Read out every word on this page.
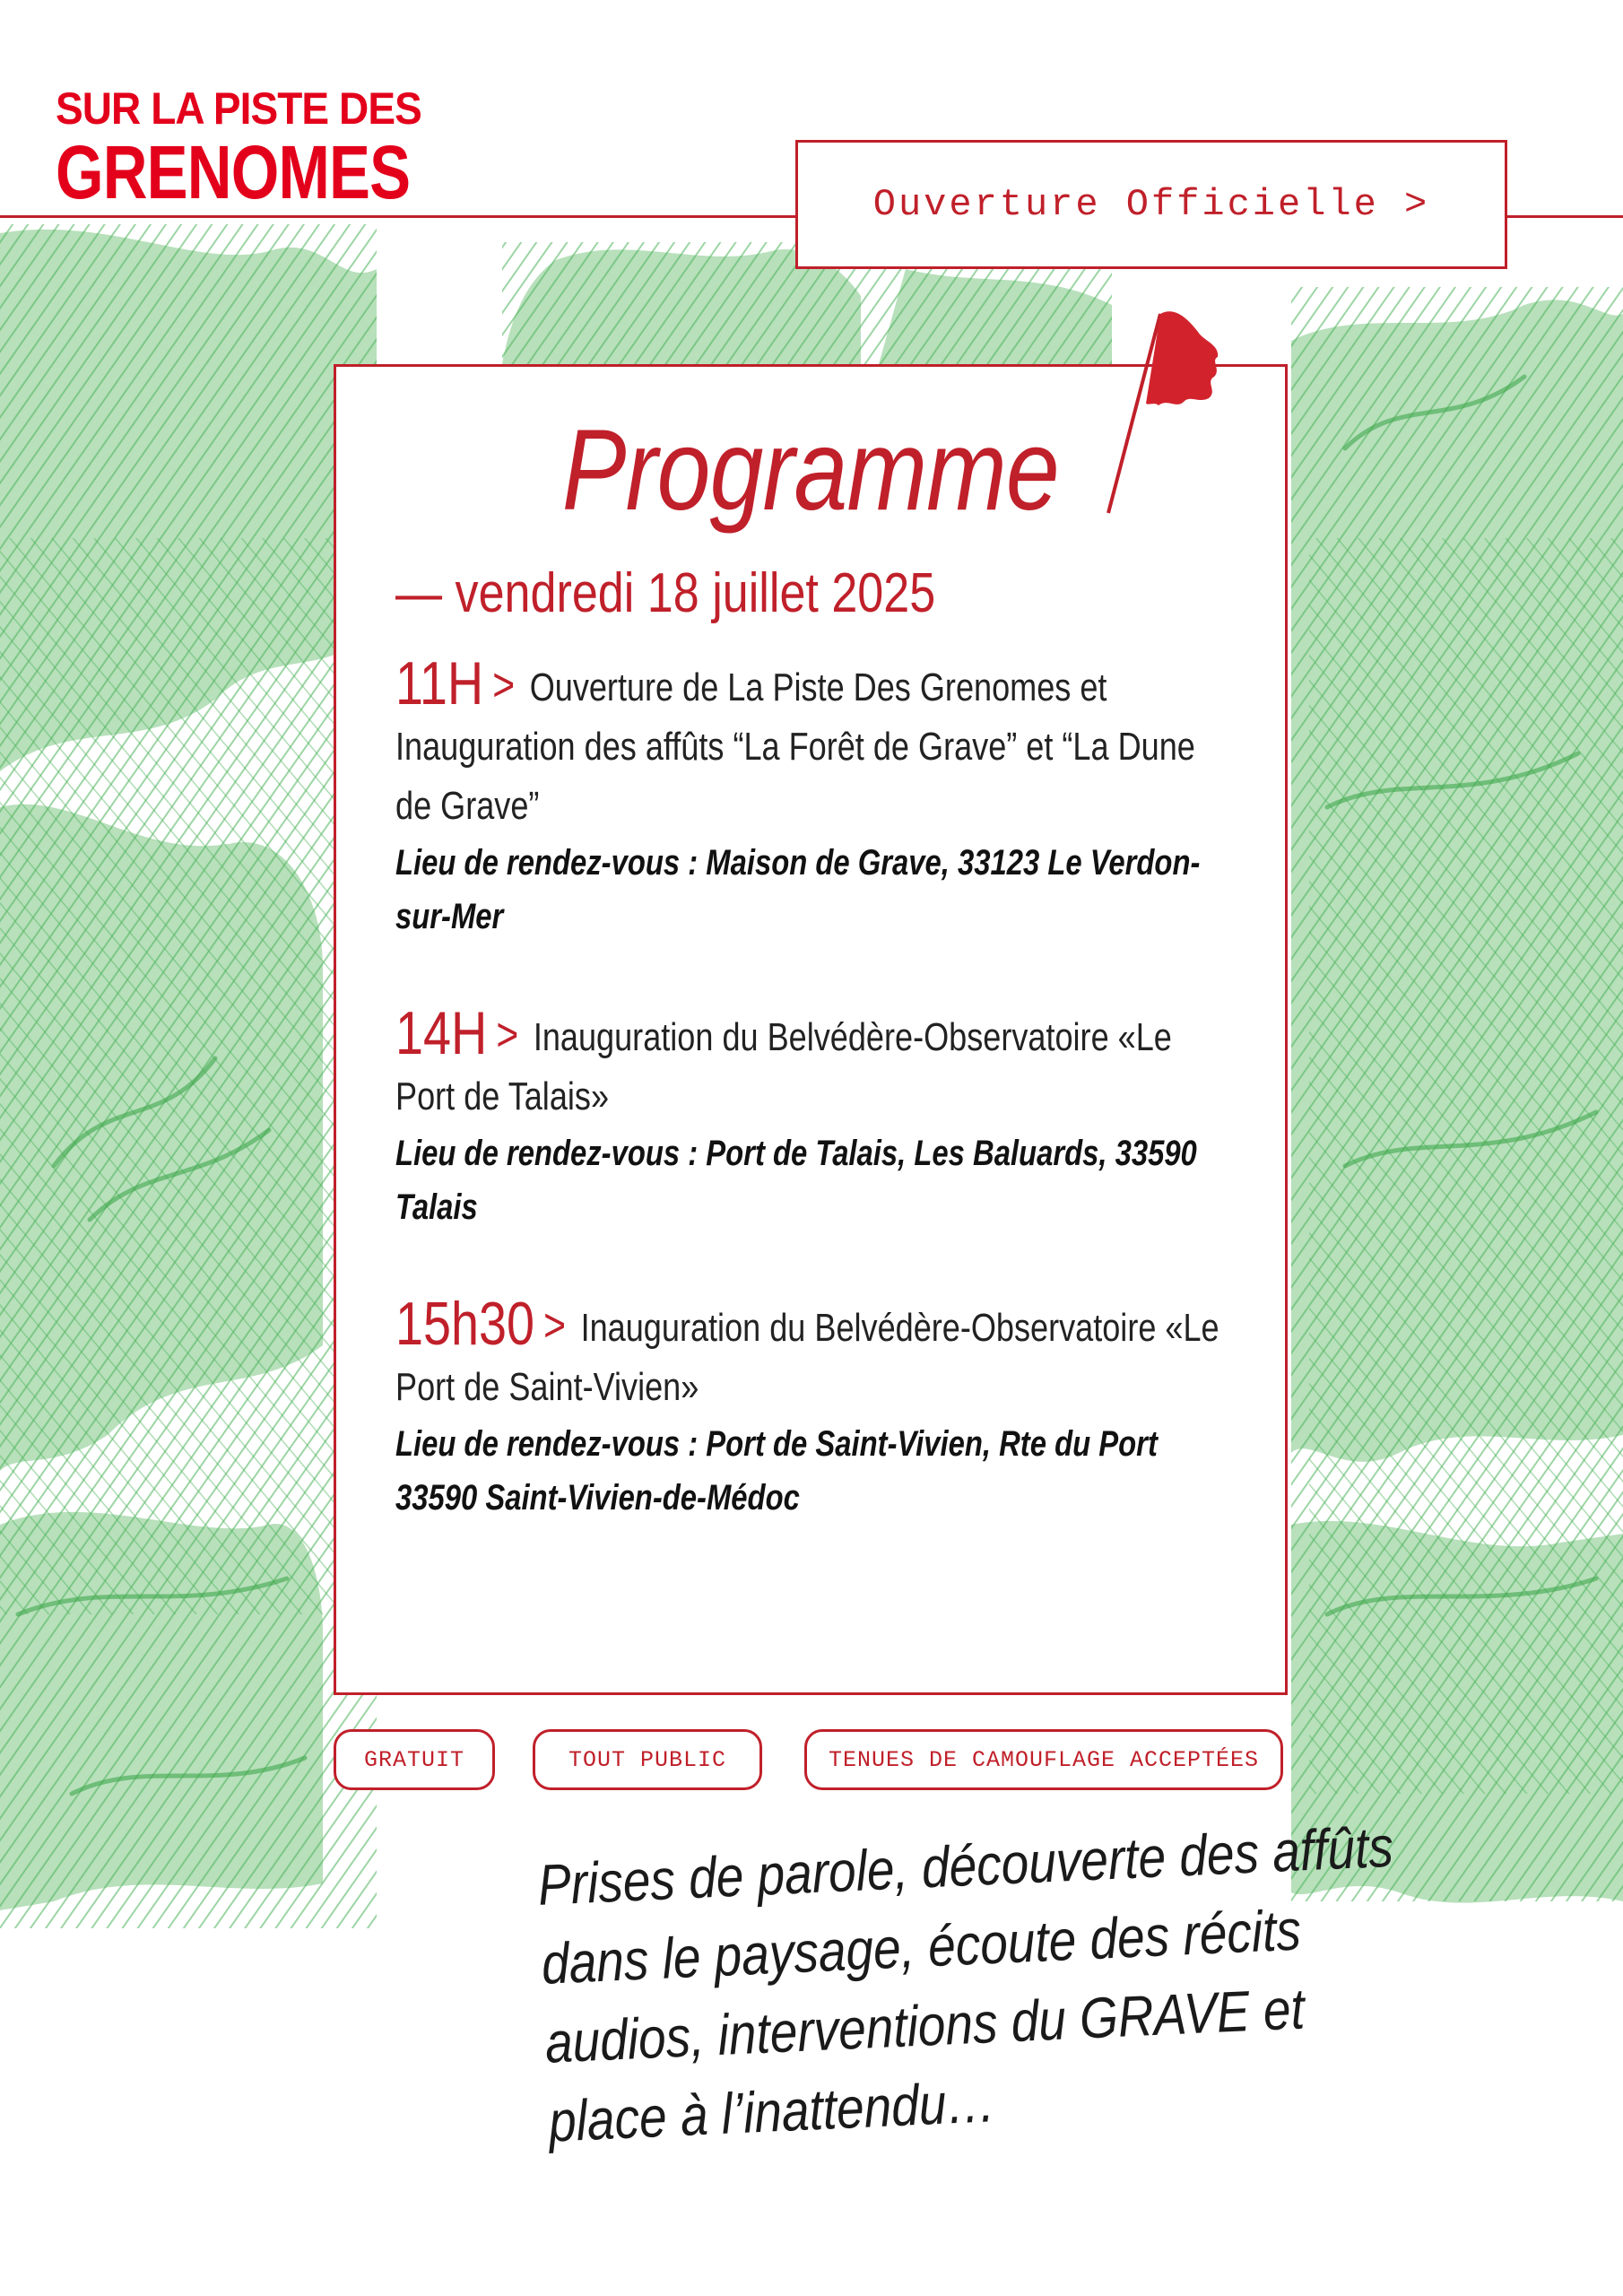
SUR LA PISTE DES
GRENOMES	Ouverture Officielle >
Programme
— vendredi 18 juillet 2025
11H > Ouverture de La Piste Des Grenomes et Inauguration des affûts “La Forêt de Grave” et “La Dune de Grave”
Lieu de rendez-vous : Maison de Grave, 33123 Le Verdon-sur-Mer
14H > Inauguration du Belvédère-Observatoire «Le Port de Talais»
Lieu de rendez-vous : Port de Talais, Les Baluards, 33590 Talais
15h30 > Inauguration du Belvédère-Observatoire «Le Port de Saint-Vivien»
Lieu de rendez-vous : Port de Saint-Vivien, Rte du Port 33590 Saint-Vivien-de-Médoc
GRATUIT	TOUT PUBLIC	TENUES DE CAMOUFLAGE ACCEPTÉES
Prises de parole, découverte des affûts dans le paysage, écoute des récits audios, interventions du GRAVE et place à l’inattendu…
